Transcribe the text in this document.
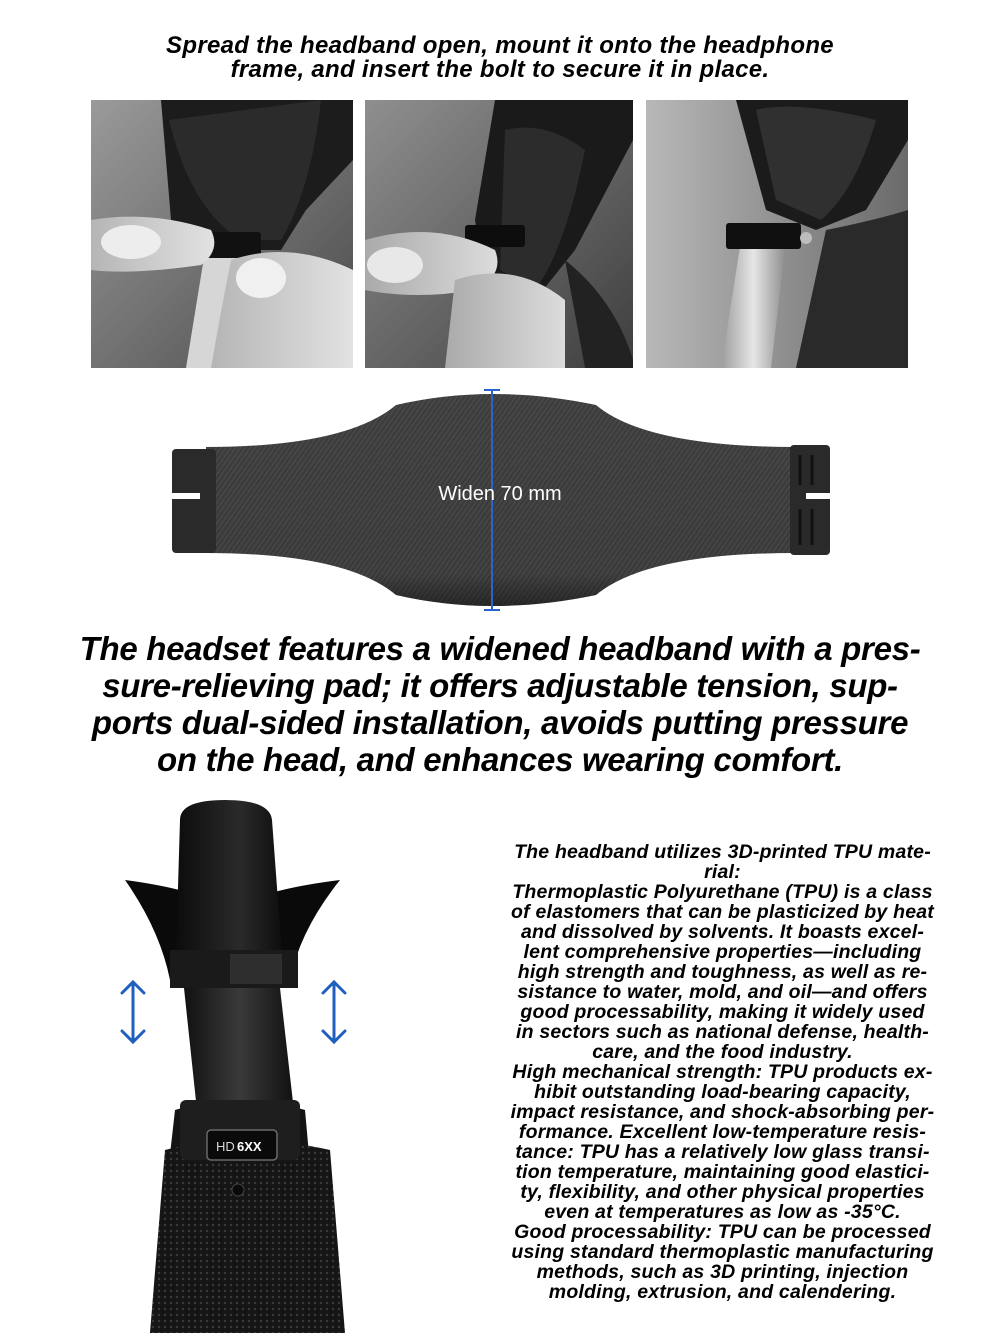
Spread the headband open, mount it onto the headphone
frame, and insert the bolt to secure it in place.
Widen 70 mm
The headset features a widened headband with a pres-
sure-relieving pad; it offers adjustable tension, sup-
ports dual-sided installation, avoids putting pressure
on the head, and enhances wearing comfort.
HD 6XX
The headband utilizes 3D-printed TPU mate-
rial:
Thermoplastic Polyurethane (TPU) is a class
of elastomers that can be plasticized by heat
and dissolved by solvents. It boasts excel-
lent comprehensive properties—including
high strength and toughness, as well as re-
sistance to water, mold, and oil—and offers
good processability, making it widely used
in sectors such as national defense, health-
care, and the food industry.
High mechanical strength: TPU products ex-
hibit outstanding load-bearing capacity,
impact resistance, and shock-absorbing per-
formance. Excellent low-temperature resis-
tance: TPU has a relatively low glass transi-
tion temperature, maintaining good elastici-
ty, flexibility, and other physical properties
even at temperatures as low as -35°C.
Good processability: TPU can be processed
using standard thermoplastic manufacturing
methods, such as 3D printing, injection
molding, extrusion, and calendering.
